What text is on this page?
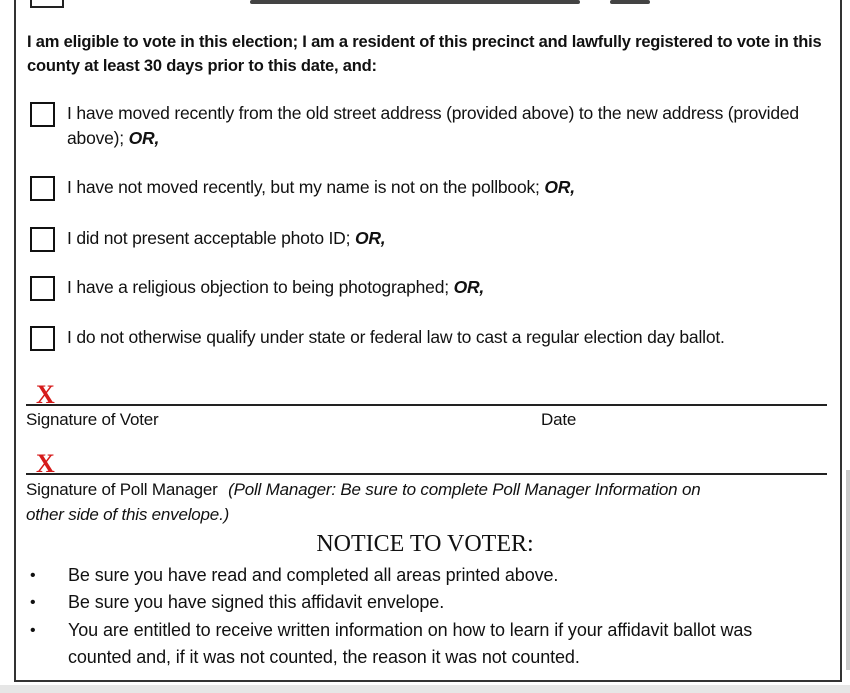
I am eligible to vote in this election; I am a resident of this precinct and lawfully registered to vote in this county at least 30 days prior to this date, and:
I have moved recently from the old street address (provided above) to the new address (provided above); OR,
I have not moved recently, but my name is not on the pollbook; OR,
I did not present acceptable photo ID; OR,
I have a religious objection to being photographed; OR,
I do not otherwise qualify under state or federal law to cast a regular election day ballot.
X
Signature of Voter	Date
X
Signature of Poll Manager (Poll Manager: Be sure to complete Poll Manager Information on
other side of this envelope.)
NOTICE TO VOTER:
•	Be sure you have read and completed all areas printed above.
•	Be sure you have signed this affidavit envelope.
•	You are entitled to receive written information on how to learn if your affidavit ballot was counted and, if it was not counted, the reason it was not counted.
